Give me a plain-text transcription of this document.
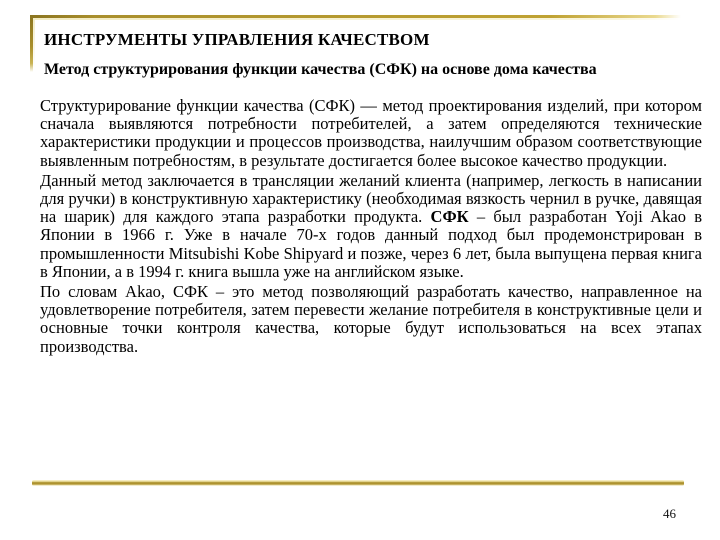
ИНСТРУМЕНТЫ УПРАВЛЕНИЯ КАЧЕСТВОМ
Метод структурирования функции качества (СФК) на основе дома качества

Структурирование функции качества (СФК) — метод проектирования изделий, при котором сначала выявляются потребности потребителей, а затем определяются технические характеристики продукции и процессов производства, наилучшим образом соответствующие выявленным потребностям, в результате достигается более высокое качество продукции.

Данный метод заключается в трансляции желаний клиента (например, легкость в написании для ручки) в конструктивную характеристику (необходимая вязкость чернил в ручке, давящая на шарик) для каждого этапа разработки продукта. СФК – был разработан Yoji Akao в Японии в 1966 г. Уже в начале 70-х годов данный подход был продемонстрирован в промышленности Mitsubishi Kobe Shipyard и позже, через 6 лет, была выпущена первая книга в Японии, а в 1994 г. книга вышла уже на английском языке.

По словам Akao, СФК – это метод позволяющий разработать качество, направленное на удовлетворение потребителя, затем перевести желание потребителя в конструктивные цели и основные точки контроля качества, которые будут использоваться на всех этапах производства.

46
